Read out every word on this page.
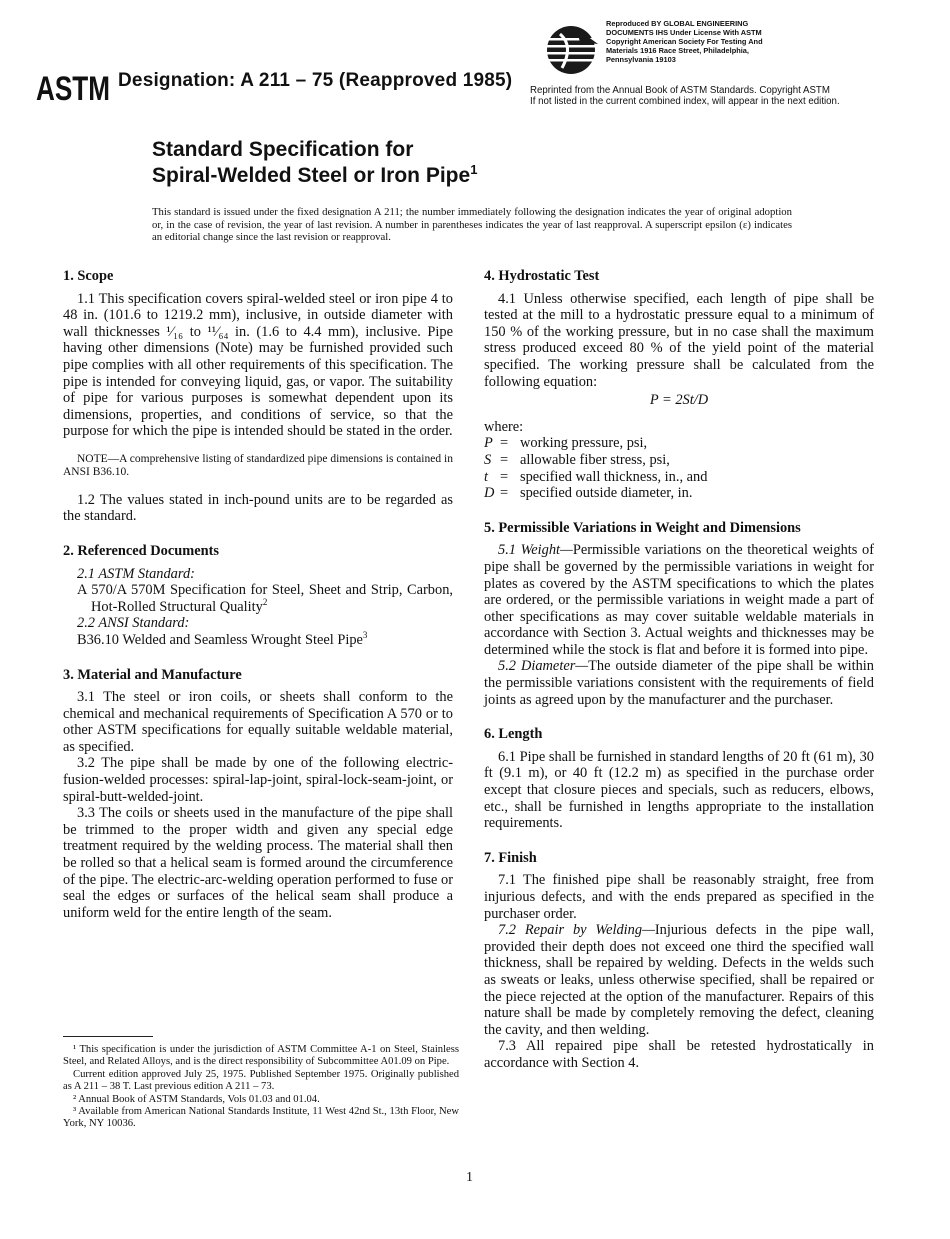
ASTM Designation: A 211 – 75 (Reapproved 1985)
Reproduced BY GLOBAL ENGINEERING
DOCUMENTS IHS Under License With ASTM
Copyright American Society For Testing And
Materials 1916 Race Street, Philadelphia,
Pennsylvania 19103
Reprinted from the Annual Book of ASTM Standards. Copyright ASTM
If not listed in the current combined index, will appear in the next edition.
Standard Specification for
Spiral-Welded Steel or Iron Pipe$^1$
This standard is issued under the fixed designation A 211; the number immediately following the designation indicates the year of original adoption or, in the case of revision, the year of last revision. A number in parentheses indicates the year of last reapproval. A superscript epsilon (ε) indicates an editorial change since the last revision or reapproval.
1. Scope

1.1 This specification covers spiral-welded steel or iron pipe 4 to 48 in. (101.6 to 1219.2 mm), inclusive, in outside diameter with wall thicknesses ¹⁄₁₆ to ¹¹⁄₆₄ in. (1.6 to 4.4 mm), inclusive. Pipe having other dimensions (Note) may be furnished provided such pipe complies with all other requirements of this specification. The pipe is intended for conveying liquid, gas, or vapor. The suitability of pipe for various purposes is somewhat dependent upon its dimensions, properties, and conditions of service, so that the purpose for which the pipe is intended should be stated in the order.

NOTE—A comprehensive listing of standardized pipe dimensions is contained in ANSI B36.10.

1.2 The values stated in inch-pound units are to be regarded as the standard.

2. Referenced Documents

2.1 ASTM Standard:

A 570/A 570M Specification for Steel, Sheet and Strip, Carbon, Hot-Rolled Structural Quality$^2$

2.2 ANSI Standard:

B36.10 Welded and Seamless Wrought Steel Pipe$^3$

3. Material and Manufacture

3.1 The steel or iron coils, or sheets shall conform to the chemical and mechanical requirements of Specification A 570 or to other ASTM specifications for equally suitable weldable material, as specified.

3.2 The pipe shall be made by one of the following electric-fusion-welded processes: spiral-lap-joint, spiral-lock-seam-joint, or spiral-butt-welded-joint.

3.3 The coils or sheets used in the manufacture of the pipe shall be trimmed to the proper width and given any special edge treatment required by the welding process. The material shall then be rolled so that a helical seam is formed around the circumference of the pipe. The electric-arc-welding operation performed to fuse or seal the edges or surfaces of the helical seam shall produce a uniform weld for the entire length of the seam.

4. Hydrostatic Test

4.1 Unless otherwise specified, each length of pipe shall be tested at the mill to a hydrostatic pressure equal to a minimum of 150 % of the working pressure, but in no case shall the maximum stress produced exceed 80 % of the yield point of the material specified. The working pressure shall be calculated from the following equation:

P = 2St/D

where:

P	=	working pressure, psi,
S	=	allowable fiber stress, psi,
t	=	specified wall thickness, in., and
D	=	specified outside diameter, in.
5. Permissible Variations in Weight and Dimensions

5.1 Weight—Permissible variations on the theoretical weights of pipe shall be governed by the permissible variations in weight for plates as covered by the ASTM specifications to which the plates are ordered, or the permissible variations in weight made a part of other specifications as may cover suitable weldable materials in accordance with Section 3. Actual weights and thicknesses may be determined while the stock is flat and before it is formed into pipe.

5.2 Diameter—The outside diameter of the pipe shall be within the permissible variations consistent with the requirements of field joints as agreed upon by the manufacturer and the purchaser.

6. Length

6.1 Pipe shall be furnished in standard lengths of 20 ft (61 m), 30 ft (9.1 m), or 40 ft (12.2 m) as specified in the purchase order except that closure pieces and specials, such as reducers, elbows, etc., shall be furnished in lengths appropriate to the installation requirements.

7. Finish

7.1 The finished pipe shall be reasonably straight, free from injurious defects, and with the ends prepared as specified in the purchaser order.

7.2 Repair by Welding—Injurious defects in the pipe wall, provided their depth does not exceed one third the specified wall thickness, shall be repaired by welding. Defects in the welds such as sweats or leaks, unless otherwise specified, shall be repaired or the piece rejected at the option of the manufacturer. Repairs of this nature shall be made by completely removing the defect, cleaning the cavity, and then welding.

7.3 All repaired pipe shall be retested hydrostatically in accordance with Section 4.

¹ This specification is under the jurisdiction of ASTM Committee A-1 on Steel, Stainless Steel, and Related Alloys, and is the direct responsibility of Subcommittee A01.09 on Pipe.
Current edition approved July 25, 1975. Published September 1975. Originally published as A 211 – 38 T. Last previous edition A 211 – 73.
² Annual Book of ASTM Standards, Vols 01.03 and 01.04.
³ Available from American National Standards Institute, 11 West 42nd St., 13th Floor, New York, NY 10036.
1
